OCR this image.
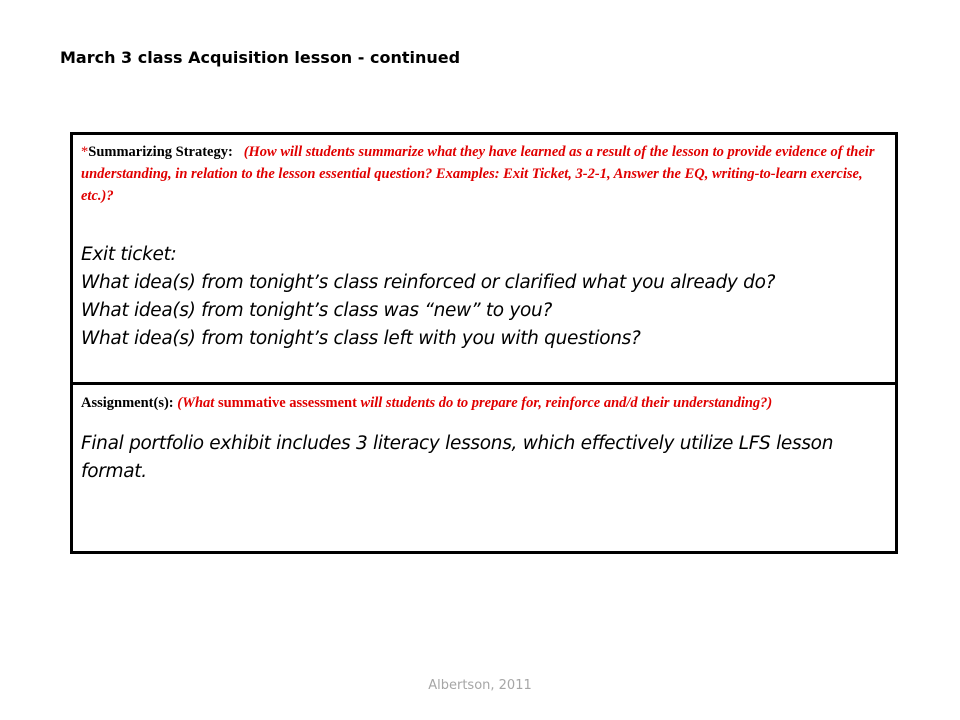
March 3 class Acquisition lesson - continued

*Summarizing Strategy: (How will students summarize what they have learned as a result of the lesson to provide evidence of their understanding, in relation to the lesson essential question? Examples: Exit Ticket, 3-2-1, Answer the EQ, writing-to-learn exercise, etc.)?

Exit ticket:
What idea(s) from tonight’s class reinforced or clarified what you already do?
What idea(s) from tonight’s class was “new” to you?
What idea(s) from tonight’s class left with you with questions?

Assignment(s): (What summative assessment will students do to prepare for, reinforce and/d their understanding?)

Final portfolio exhibit includes 3 literacy lessons, which effectively utilize LFS lesson format.
Albertson, 2011
